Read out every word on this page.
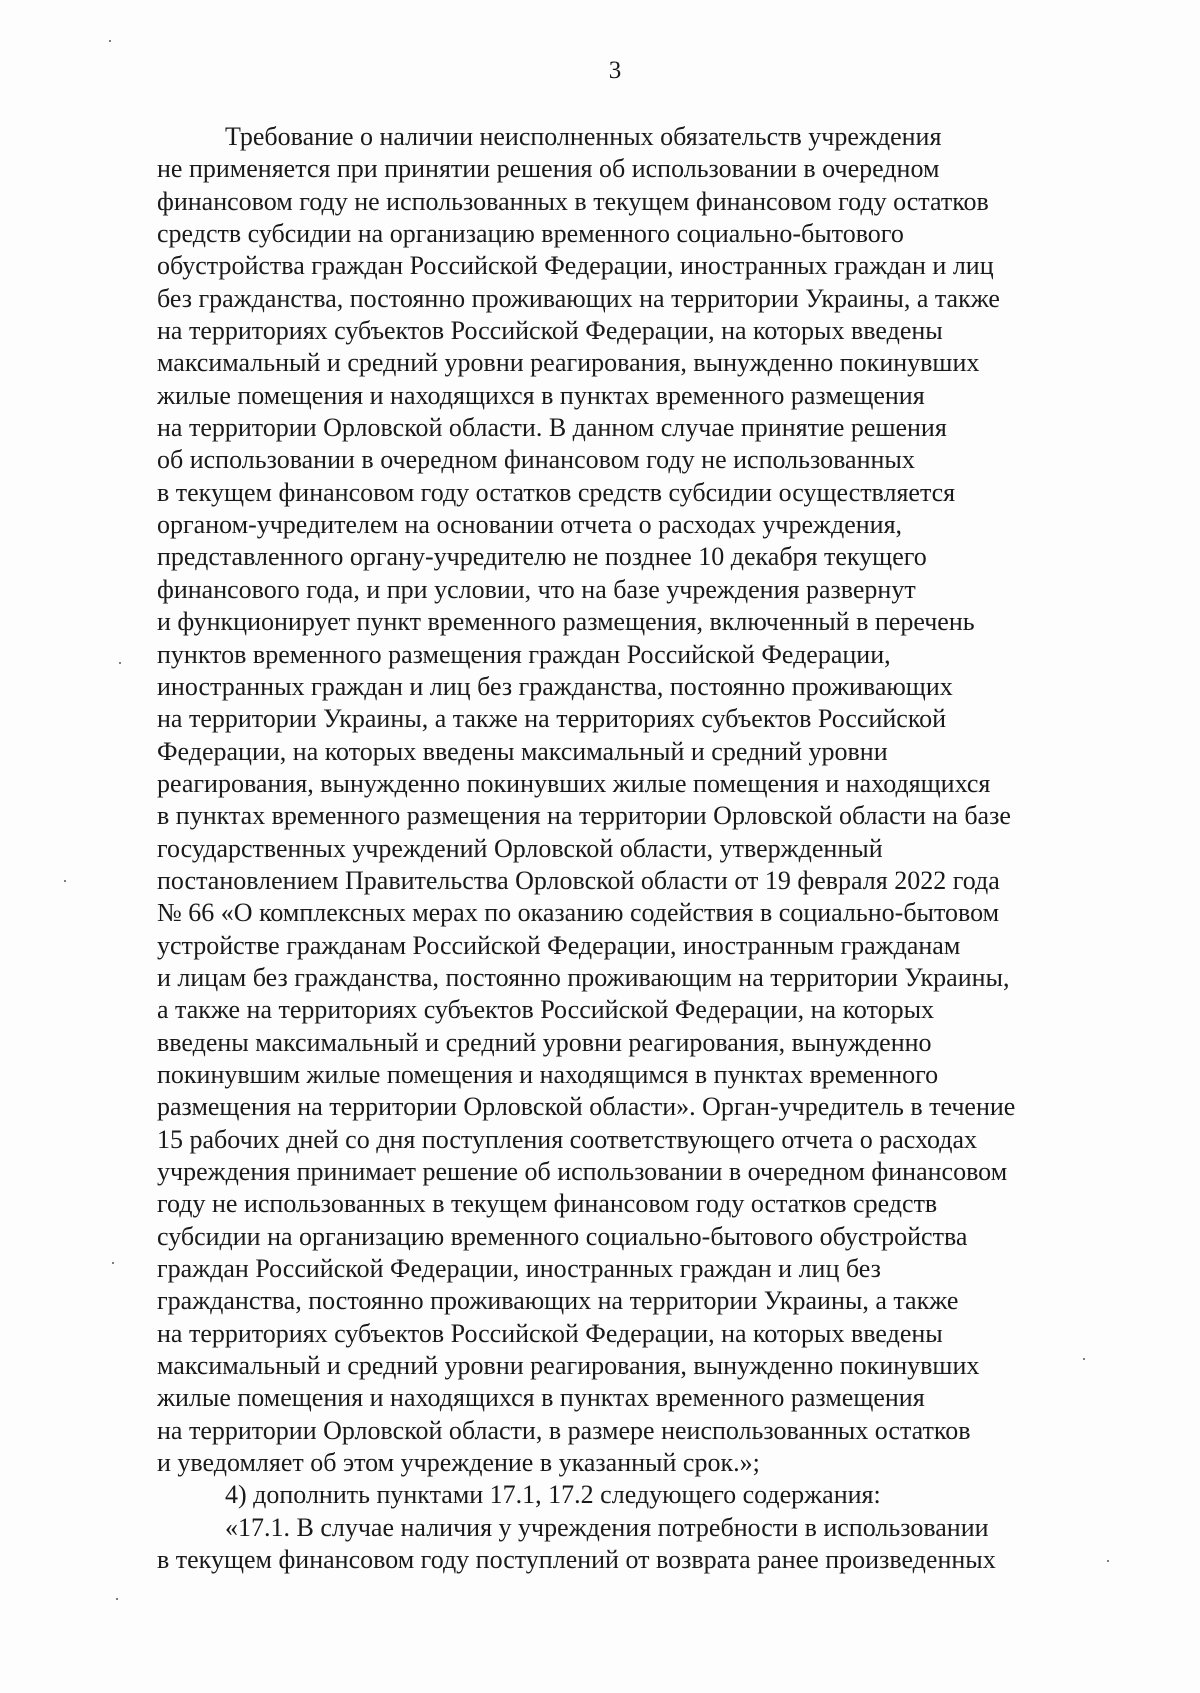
3
Требование о наличии неисполненных обязательств учреждения
не применяется при принятии решения об использовании в очередном
финансовом году не использованных в текущем финансовом году остатков
средств субсидии на организацию временного социально-бытового
обустройства граждан Российской Федерации, иностранных граждан и лиц
без гражданства, постоянно проживающих на территории Украины, а также
на территориях субъектов Российской Федерации, на которых введены
максимальный и средний уровни реагирования, вынужденно покинувших
жилые помещения и находящихся в пунктах временного размещения
на территории Орловской области. В данном случае принятие решения
об использовании в очередном финансовом году не использованных
в текущем финансовом году остатков средств субсидии осуществляется
органом-учредителем на основании отчета о расходах учреждения,
представленного органу-учредителю не позднее 10 декабря текущего
финансового года, и при условии, что на базе учреждения развернут
и функционирует пункт временного размещения, включенный в перечень
пунктов временного размещения граждан Российской Федерации,
иностранных граждан и лиц без гражданства, постоянно проживающих
на территории Украины, а также на территориях субъектов Российской
Федерации, на которых введены максимальный и средний уровни
реагирования, вынужденно покинувших жилые помещения и находящихся
в пунктах временного размещения на территории Орловской области на базе
государственных учреждений Орловской области, утвержденный
постановлением Правительства Орловской области от 19 февраля 2022 года
№ 66 «О комплексных мерах по оказанию содействия в социально-бытовом
устройстве гражданам Российской Федерации, иностранным гражданам
и лицам без гражданства, постоянно проживающим на территории Украины,
а также на территориях субъектов Российской Федерации, на которых
введены максимальный и средний уровни реагирования, вынужденно
покинувшим жилые помещения и находящимся в пунктах временного
размещения на территории Орловской области». Орган-учредитель в течение
15 рабочих дней со дня поступления соответствующего отчета о расходах
учреждения принимает решение об использовании в очередном финансовом
году не использованных в текущем финансовом году остатков средств
субсидии на организацию временного социально-бытового обустройства
граждан Российской Федерации, иностранных граждан и лиц без
гражданства, постоянно проживающих на территории Украины, а также
на территориях субъектов Российской Федерации, на которых введены
максимальный и средний уровни реагирования, вынужденно покинувших
жилые помещения и находящихся в пунктах временного размещения
на территории Орловской области, в размере неиспользованных остатков
и уведомляет об этом учреждение в указанный срок.»;
4) дополнить пунктами 17.1, 17.2 следующего содержания:
«17.1. В случае наличия у учреждения потребности в использовании
в текущем финансовом году поступлений от возврата ранее произведенных
